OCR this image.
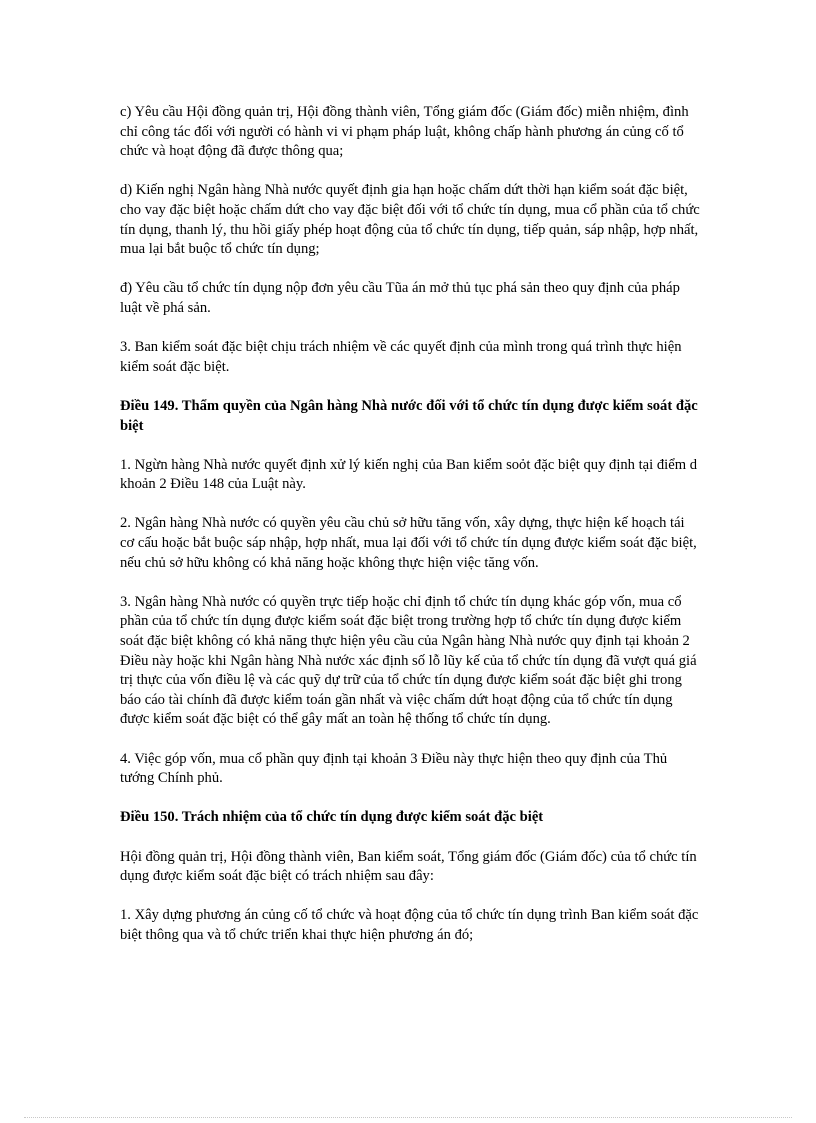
c) Yêu cầu Hội đồng quản trị, Hội đồng thành viên, Tổng giám đốc (Giám đốc) miễn nhiệm, đình chỉ công tác đối với người có hành vi vi phạm pháp luật, không chấp hành phương án củng cố tổ chức và hoạt động đã được thông qua;

d) Kiến nghị Ngân hàng Nhà nước quyết định gia hạn hoặc chấm dứt thời hạn kiểm soát đặc biệt, cho vay đặc biệt hoặc chấm dứt cho vay đặc biệt đối với tổ chức tín dụng, mua cổ phần của tổ chức tín dụng, thanh lý, thu hồi giấy phép hoạt động của tổ chức tín dụng, tiếp quản, sáp nhập, hợp nhất, mua lại bắt buộc tổ chức tín dụng;

đ) Yêu cầu tổ chức tín dụng nộp đơn yêu cầu Tũa án mở thủ tục phá sản theo quy định của pháp luật về phá sản.

3. Ban kiểm soát đặc biệt chịu trách nhiệm về các quyết định của mình trong quá trình thực hiện kiểm soát đặc biệt.

Điều 149. Thẩm quyền của Ngân hàng Nhà nước đối với tổ chức tín dụng được kiểm soát đặc biệt

1. Ngừn hàng Nhà nước quyết định xử lý kiến nghị của Ban kiểm soỏt đặc biệt quy định tại điểm d khoản 2 Điều 148 của Luật này.

2. Ngân hàng Nhà nước có quyền yêu cầu chủ sở hữu tăng vốn, xây dựng, thực hiện kế hoạch tái cơ cấu hoặc bắt buộc sáp nhập, hợp nhất, mua lại đối với tổ chức tín dụng được kiểm soát đặc biệt, nếu chủ sở hữu không có khả năng hoặc không thực hiện việc tăng vốn.

3. Ngân hàng Nhà nước có quyền trực tiếp hoặc chỉ định tổ chức tín dụng khác góp vốn, mua cổ phần của tổ chức tín dụng được kiểm soát đặc biệt trong trường hợp tổ chức tín dụng được kiểm soát đặc biệt không có khả năng thực hiện yêu cầu của Ngân hàng Nhà nước quy định tại khoản 2 Điều này hoặc khi Ngân hàng Nhà nước xác định số lỗ lũy kế của tổ chức tín dụng đã vượt quá giá trị thực của vốn điều lệ và các quỹ dự trữ của tổ chức tín dụng được kiểm soát đặc biệt ghi trong báo cáo tài chính đã được kiểm toán gần nhất và việc chấm dứt hoạt động của tổ chức tín dụng được kiểm soát đặc biệt có thể gây mất an toàn hệ thống tổ chức tín dụng.

4. Việc góp vốn, mua cổ phần quy định tại khoản 3 Điều này thực hiện theo quy định của Thủ tướng Chính phủ.

Điều 150. Trách nhiệm của tổ chức tín dụng được kiểm soát đặc biệt

Hội đồng quản trị, Hội đồng thành viên, Ban kiểm soát, Tổng giám đốc (Giám đốc) của tổ chức tín dụng được kiểm soát đặc biệt có trách nhiệm sau đây:

1. Xây dựng phương án củng cố tổ chức và hoạt động của tổ chức tín dụng trình Ban kiểm soát đặc biệt thông qua và tổ chức triển khai thực hiện phương án đó;
